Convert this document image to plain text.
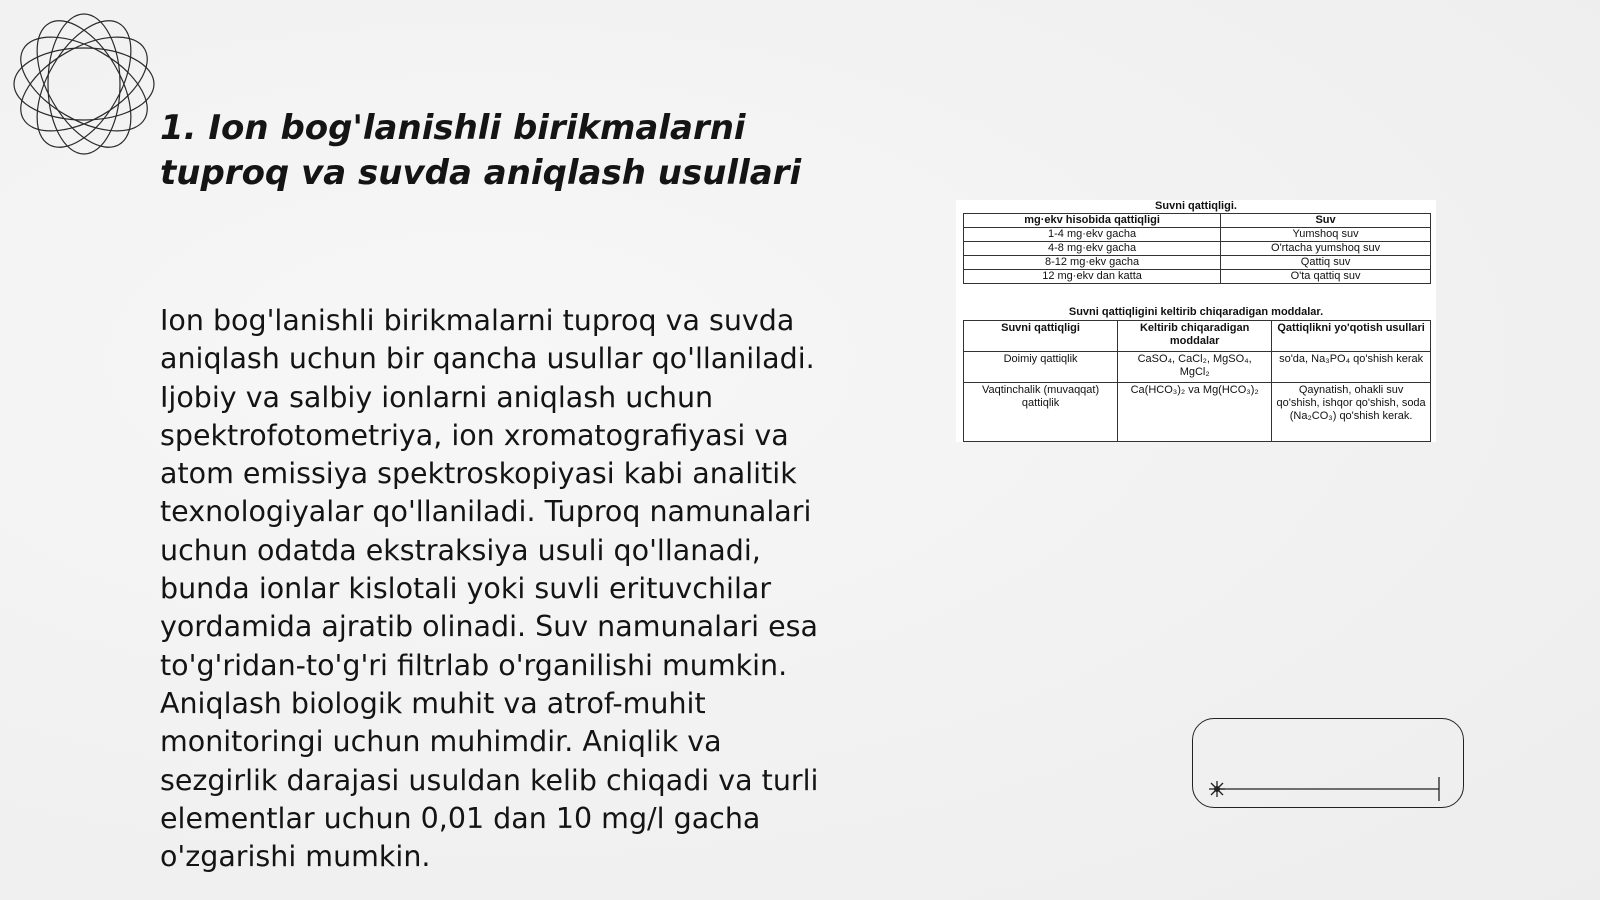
1. Ion bog'lanishli birikmalarni tuproq va suvda aniqlash usullari

Ion bog'lanishli birikmalarni tuproq va suvda aniqlash uchun bir qancha usullar qo'llaniladi. Ijobiy va salbiy ionlarni aniqlash uchun spektrofotometriya, ion xromatografiyasi va atom emissiya spektroskopiyasi kabi analitik texnologiyalar qo'llaniladi. Tuproq namunalari uchun odatda ekstraksiya usuli qo'llanadi, bunda ionlar kislotali yoki suvli erituvchilar yordamida ajratib olinadi. Suv namunalari esa to'g'ridan-to'g'ri filtrlab o'rganilishi mumkin. Aniqlash biologik muhit va atrof-muhit monitoringi uchun muhimdir. Aniqlik va sezgirlik darajasi usuldan kelib chiqadi va turli elementlar uchun 0,01 dan 10 mg/l gacha o'zgarishi mumkin.

Suvni qattiqligi.
mg·ekv hisobida qattiqligi	Suv
1-4 mg·ekv gacha	Yumshoq suv
4-8 mg·ekv gacha	O'rtacha yumshoq suv
8-12 mg·ekv gacha	Qattiq suv
12 mg·ekv dan katta	O'ta qattiq suv
Suvni qattiqligini keltirib chiqaradigan moddalar.
Suvni qattiqligi	Keltirib chiqaradigan moddalar	Qattiqlikni yo'qotish usullari
Doimiy qattiqlik	CaSO₄, CaCl₂, MgSO₄, MgCl₂	so'da, Na₃PO₄ qo'shish kerak
Vaqtinchalik (muvaqqat) qattiqlik	Ca(HCO₃)₂ va Mg(HCO₃)₂	Qaynatish, ohakli suv qo'shish, ishqor qo'shish, soda (Na₂CO₃) qo'shish kerak.
